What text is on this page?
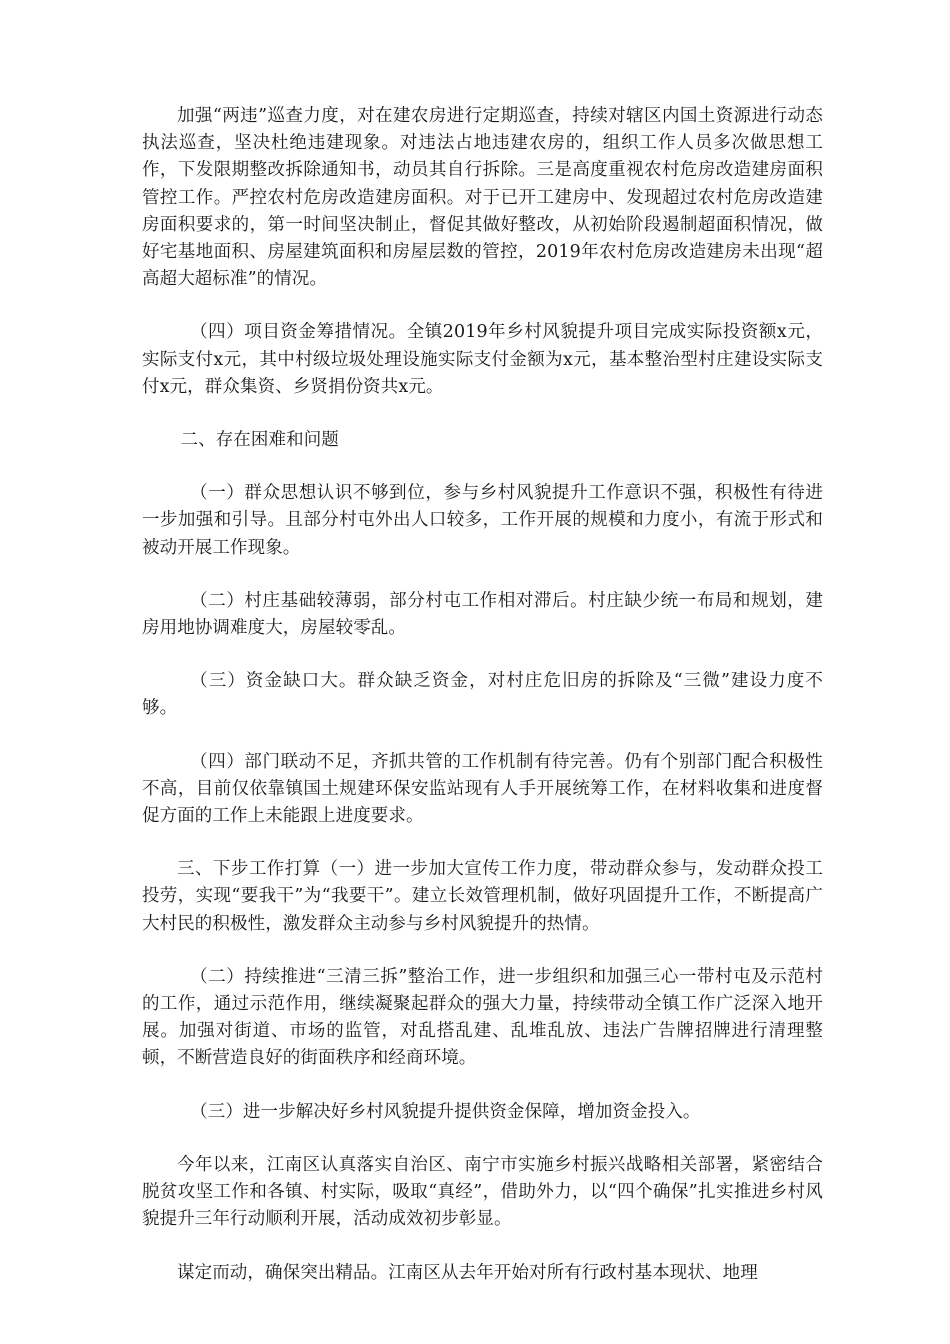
加强“两违”巡查力度，对在建农房进行定期巡查，持续对辖区内国土资源进行动态执法巡查，坚决杜绝违建现象。对违法占地违建农房的，组织工作人员多次做思想工作，下发限期整改拆除通知书，动员其自行拆除。三是高度重视农村危房改造建房面积管控工作。严控农村危房改造建房面积。对于已开工建房中、发现超过农村危房改造建房面积要求的，第一时间坚决制止，督促其做好整改，从初始阶段遏制超面积情况，做好宅基地面积、房屋建筑面积和房屋层数的管控，2019年农村危房改造建房未出现“超高超大超标准”的情况。

（四）项目资金筹措情况。全镇2019年乡村风貌提升项目完成实际投资额x元，实际支付x元，其中村级垃圾处理设施实际支付金额为x元，基本整治型村庄建设实际支付x元，群众集资、乡贤捐份资共x元。

二、存在困难和问题

（一）群众思想认识不够到位，参与乡村风貌提升工作意识不强，积极性有待进一步加强和引导。且部分村屯外出人口较多，工作开展的规模和力度小，有流于形式和被动开展工作现象。

（二）村庄基础较薄弱，部分村屯工作相对滞后。村庄缺少统一布局和规划，建房用地协调难度大，房屋较零乱。

（三）资金缺口大。群众缺乏资金，对村庄危旧房的拆除及“三微”建设力度不够。

（四）部门联动不足，齐抓共管的工作机制有待完善。仍有个别部门配合积极性不高，目前仅依靠镇国土规建环保安监站现有人手开展统筹工作，在材料收集和进度督促方面的工作上未能跟上进度要求。

三、下步工作打算（一）进一步加大宣传工作力度，带动群众参与，发动群众投工投劳，实现“要我干”为“我要干”。建立长效管理机制，做好巩固提升工作，不断提高广大村民的积极性，激发群众主动参与乡村风貌提升的热情。

（二）持续推进“三清三拆”整治工作，进一步组织和加强三心一带村屯及示范村的工作，通过示范作用，继续凝聚起群众的强大力量，持续带动全镇工作广泛深入地开展。加强对街道、市场的监管，对乱搭乱建、乱堆乱放、违法广告牌招牌进行清理整顿，不断营造良好的街面秩序和经商环境。

（三）进一步解决好乡村风貌提升提供资金保障，增加资金投入。

今年以来，江南区认真落实自治区、南宁市实施乡村振兴战略相关部署，紧密结合脱贫攻坚工作和各镇、村实际，吸取“真经”，借助外力，以“四个确保”扎实推进乡村风貌提升三年行动顺利开展，活动成效初步彰显。

谋定而动，确保突出精品。江南区从去年开始对所有行政村基本现状、地理
